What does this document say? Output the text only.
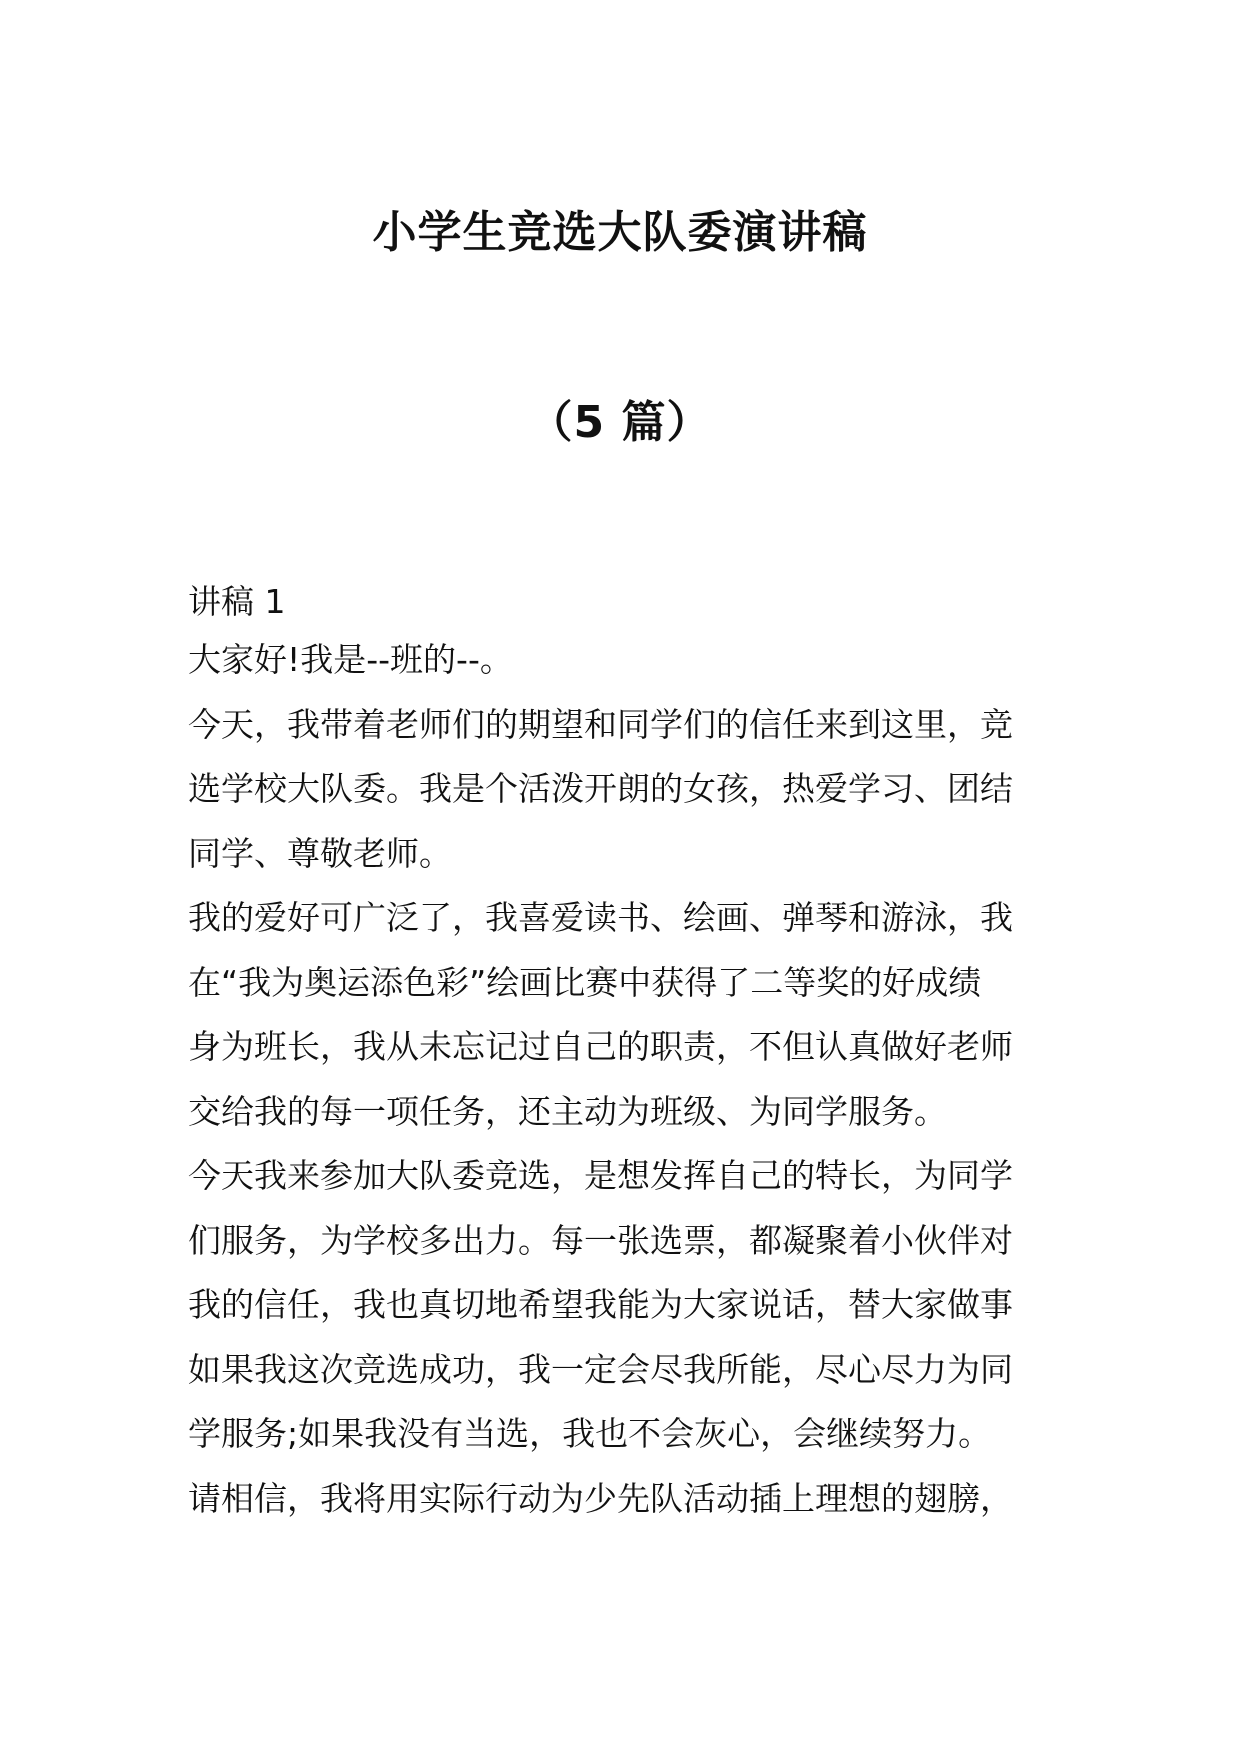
小学生竞选大队委演讲稿
（5 篇）

讲稿 1

大家好!我是--班的--。

今天，我带着老师们的期望和同学们的信任来到这里，竞

选学校大队委。我是个活泼开朗的女孩，热爱学习、团结

同学、尊敬老师。

我的爱好可广泛了，我喜爱读书、绘画、弹琴和游泳，我

在“我为奥运添色彩”绘画比赛中获得了二等奖的好成绩

身为班长，我从未忘记过自己的职责，不但认真做好老师

交给我的每一项任务，还主动为班级、为同学服务。

今天我来参加大队委竞选，是想发挥自己的特长，为同学

们服务，为学校多出力。每一张选票，都凝聚着小伙伴对

我的信任，我也真切地希望我能为大家说话，替大家做事

如果我这次竞选成功，我一定会尽我所能，尽心尽力为同

学服务;如果我没有当选，我也不会灰心，会继续努力。

请相信，我将用实际行动为少先队活动插上理想的翅膀，
